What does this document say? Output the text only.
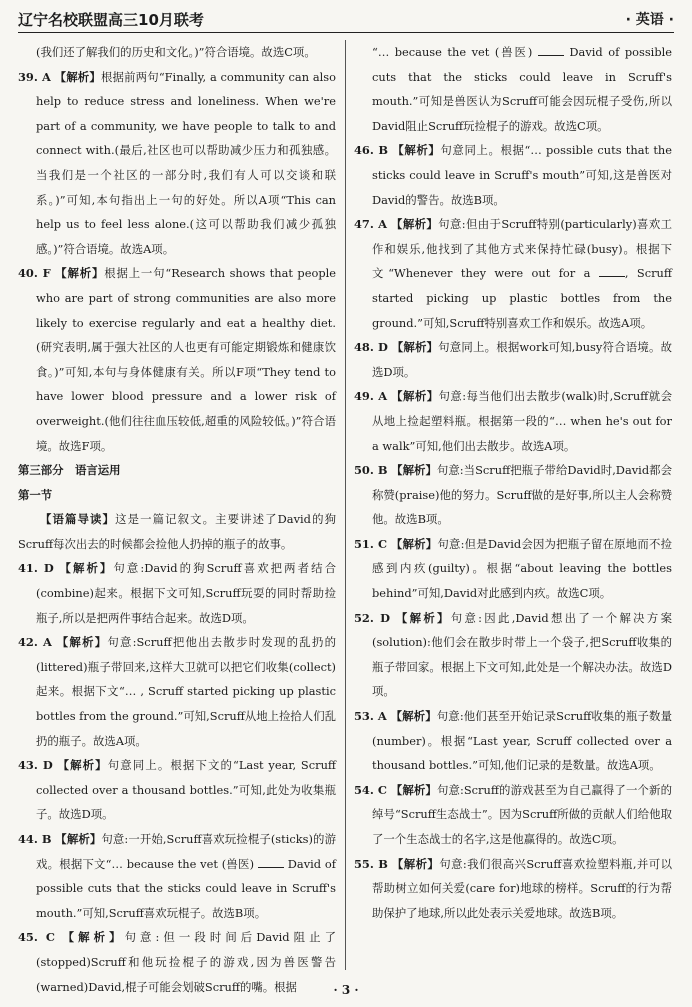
辽宁名校联盟高三10月联考	· 英语 ·

(我们还了解我们的历史和文化。)”符合语境。故选C项。

39. A 【解析】根据前两句“Finally, a community can also help to reduce stress and loneliness. When we're part of a community, we have people to talk to and connect with.(最后,社区也可以帮助减少压力和孤独感。当我们是一个社区的一部分时,我们有人可以交谈和联系。)”可知,本句指出上一句的好处。所以A项“This can help us to feel less alone.(这可以帮助我们减少孤独感。)”符合语境。故选A项。

40. F 【解析】根据上一句“Research shows that people who are part of strong communities are also more likely to exercise regularly and eat a healthy diet.(研究表明,属于强大社区的人也更有可能定期锻炼和健康饮食。)”可知,本句与身体健康有关。所以F项“They tend to have lower blood pressure and a lower risk of overweight.(他们往往血压较低,超重的风险较低。)”符合语境。故选F项。

第三部分　语言运用

第一节

【语篇导读】这是一篇记叙文。主要讲述了David的狗Scruff每次出去的时候都会捡他人扔掉的瓶子的故事。

41. D 【解析】句意:David的狗Scruff喜欢把两者结合(combine)起来。根据下文可知,Scruff玩耍的同时帮助捡瓶子,所以是把两件事结合起来。故选D项。

42. A 【解析】句意:Scruff把他出去散步时发现的乱扔的(littered)瓶子带回来,这样大卫就可以把它们收集(collect)起来。根据下文“… , Scruff started picking up plastic bottles from the ground.”可知,Scruff从地上捡拾人们乱扔的瓶子。故选A项。

43. D 【解析】句意同上。根据下文的“Last year, Scruff collected over a thousand bottles.”可知,此处为收集瓶子。故选D项。

44. B 【解析】句意:一开始,Scruff喜欢玩捡棍子(sticks)的游戏。根据下文“… because the vet (兽医)	David of possible cuts that the sticks could leave in Scruff's mouth.”可知,Scruff喜欢玩棍子。故选B项。

45. C 【解析】句意:但一段时间后David阻止了(stopped)Scruff和他玩捡棍子的游戏,因为兽医警告(warned)David,棍子可能会划破Scruff的嘴。根据

“… because the vet (兽医)	David of possible cuts that the sticks could leave in Scruff's mouth.”可知是兽医认为Scruff可能会因玩棍子受伤,所以David阻止Scruff玩捡棍子的游戏。故选C项。

46. B 【解析】句意同上。根据“… possible cuts that the sticks could leave in Scruff's mouth”可知,这是兽医对David的警告。故选B项。

47. A 【解析】句意:但由于Scruff特别(particularly)喜欢工作和娱乐,他找到了其他方式来保持忙碌(busy)。根据下文“Whenever they were out for a	, Scruff started picking up plastic bottles from the ground.”可知,Scruff特别喜欢工作和娱乐。故选A项。

48. D 【解析】句意同上。根据work可知,busy符合语境。故选D项。

49. A 【解析】句意:每当他们出去散步(walk)时,Scruff就会从地上捡起塑料瓶。根据第一段的“… when he's out for a walk”可知,他们出去散步。故选A项。

50. B 【解析】句意:当Scruff把瓶子带给David时,David都会称赞(praise)他的努力。Scruff做的是好事,所以主人会称赞他。故选B项。

51. C 【解析】句意:但是David会因为把瓶子留在原地而不捡感到内疚(guilty)。根据“about leaving the bottles behind”可知,David对此感到内疚。故选C项。

52. D 【解析】句意:因此,David想出了一个解决方案(solution):他们会在散步时带上一个袋子,把Scruff收集的瓶子带回家。根据上下文可知,此处是一个解决办法。故选D项。

53. A 【解析】句意:他们甚至开始记录Scruff收集的瓶子数量(number)。根据“Last year, Scruff collected over a thousand bottles.”可知,他们记录的是数量。故选A项。

54. C 【解析】句意:Scruff的游戏甚至为自己赢得了一个新的绰号“Scruff生态战士”。因为Scruff所做的贡献人们给他取了一个生态战士的名字,这是他赢得的。故选C项。

55. B 【解析】句意:我们很高兴Scruff喜欢捡塑料瓶,并可以帮助树立如何关爱(care for)地球的榜样。Scruff的行为帮助保护了地球,所以此处表示关爱地球。故选B项。

· 3 ·
